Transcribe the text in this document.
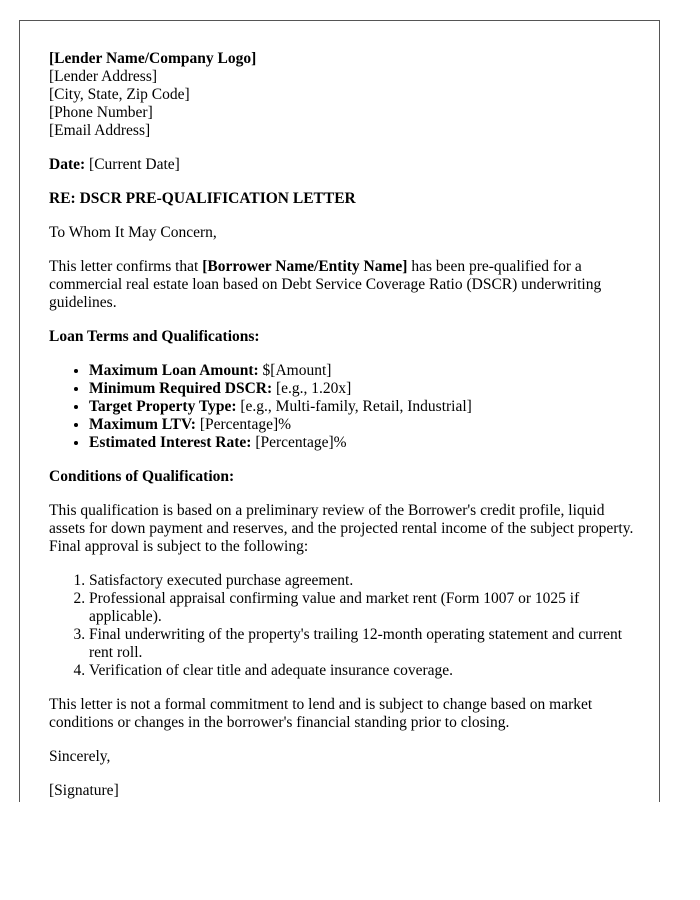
[Lender Name/Company Logo]
[Lender Address]
[City, State, Zip Code]
[Phone Number]
[Email Address]

Date: [Current Date]

RE: DSCR PRE-QUALIFICATION LETTER

To Whom It May Concern,

This letter confirms that [Borrower Name/Entity Name] has been pre-qualified for a commercial real estate loan based on Debt Service Coverage Ratio (DSCR) underwriting guidelines.

Loan Terms and Qualifications:

• Maximum Loan Amount: $[Amount]
• Minimum Required DSCR: [e.g., 1.20x]
• Target Property Type: [e.g., Multi-family, Retail, Industrial]
• Maximum LTV: [Percentage]%
• Estimated Interest Rate: [Percentage]%

Conditions of Qualification:

This qualification is based on a preliminary review of the Borrower's credit profile, liquid assets for down payment and reserves, and the projected rental income of the subject property. Final approval is subject to the following:

1. Satisfactory executed purchase agreement.
2. Professional appraisal confirming value and market rent (Form 1007 or 1025 if applicable).
3. Final underwriting of the property's trailing 12-month operating statement and current rent roll.
4. Verification of clear title and adequate insurance coverage.

This letter is not a formal commitment to lend and is subject to change based on market conditions or changes in the borrower's financial standing prior to closing.

Sincerely,

[Signature]
